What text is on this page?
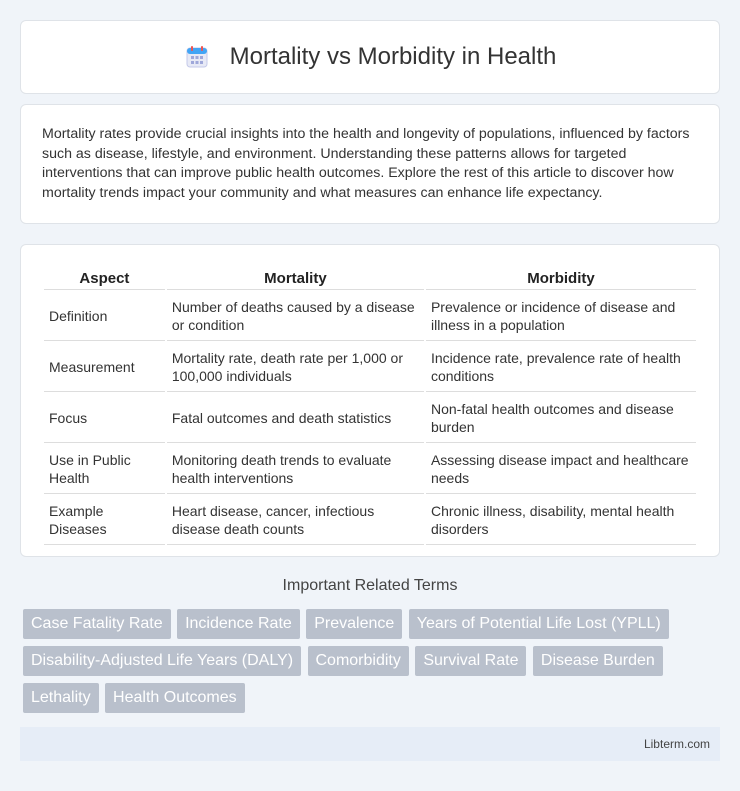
Mortality vs Morbidity in Health

Mortality rates provide crucial insights into the health and longevity of populations, influenced by factors such as disease, lifestyle, and environment. Understanding these patterns allows for targeted interventions that can improve public health outcomes. Explore the rest of this article to discover how mortality trends impact your community and what measures can enhance life expectancy.

Aspect	Mortality	Morbidity
Definition	Number of deaths caused by a disease or condition	Prevalence or incidence of disease and illness in a population
Measurement	Mortality rate, death rate per 1,000 or 100,000 individuals	Incidence rate, prevalence rate of health conditions
Focus	Fatal outcomes and death statistics	Non-fatal health outcomes and disease burden
Use in Public Health	Monitoring death trends to evaluate health interventions	Assessing disease impact and healthcare needs
Example Diseases	Heart disease, cancer, infectious disease death counts	Chronic illness, disability, mental health disorders
Important Related Terms
Case Fatality Rate Incidence Rate Prevalence Years of Potential Life Lost (YPLL) Disability-Adjusted Life Years (DALY) Comorbidity Survival Rate Disease Burden Lethality Health Outcomes
Libterm.com
